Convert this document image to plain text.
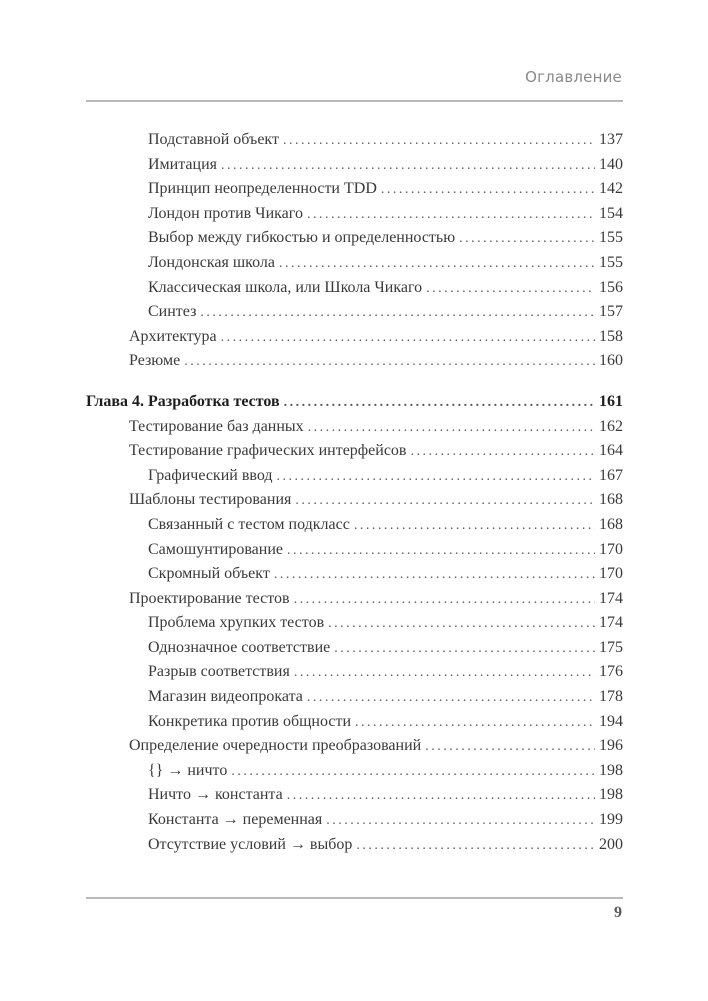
Оглавление
Подставной объект . . .	137
Имитация . . .	140
Принцип неопределенности TDD . . .	142
Лондон против Чикаго . . .	154
Выбор между гибкостью и определенностью . . .	155
Лондонская школа . . .	155
Классическая школа, или Школа Чикаго . . .	156
Синтез . . .	157
Архитектура . . .	158
Резюме . . .	160
Глава 4. Разработка тестов . . .	161
Тестирование баз данных . . .	162
Тестирование графических интерфейсов . . .	164
Графический ввод . . .	167
Шаблоны тестирования . . .	168
Связанный с тестом подкласс . . .	168
Самошунтирование . . .	170
Скромный объект . . .	170
Проектирование тестов . . .	174
Проблема хрупких тестов . . .	174
Однозначное соответствие . . .	175
Разрыв соответствия . . .	176
Магазин видеопроката . . .	178
Конкретика против общности . . .	194
Определение очередности преобразований . . .	196
{} → ничто . . .	198
Ничто → константа . . .	198
Константа → переменная . . .	199
Отсутствие условий → выбор . . .	200
9
